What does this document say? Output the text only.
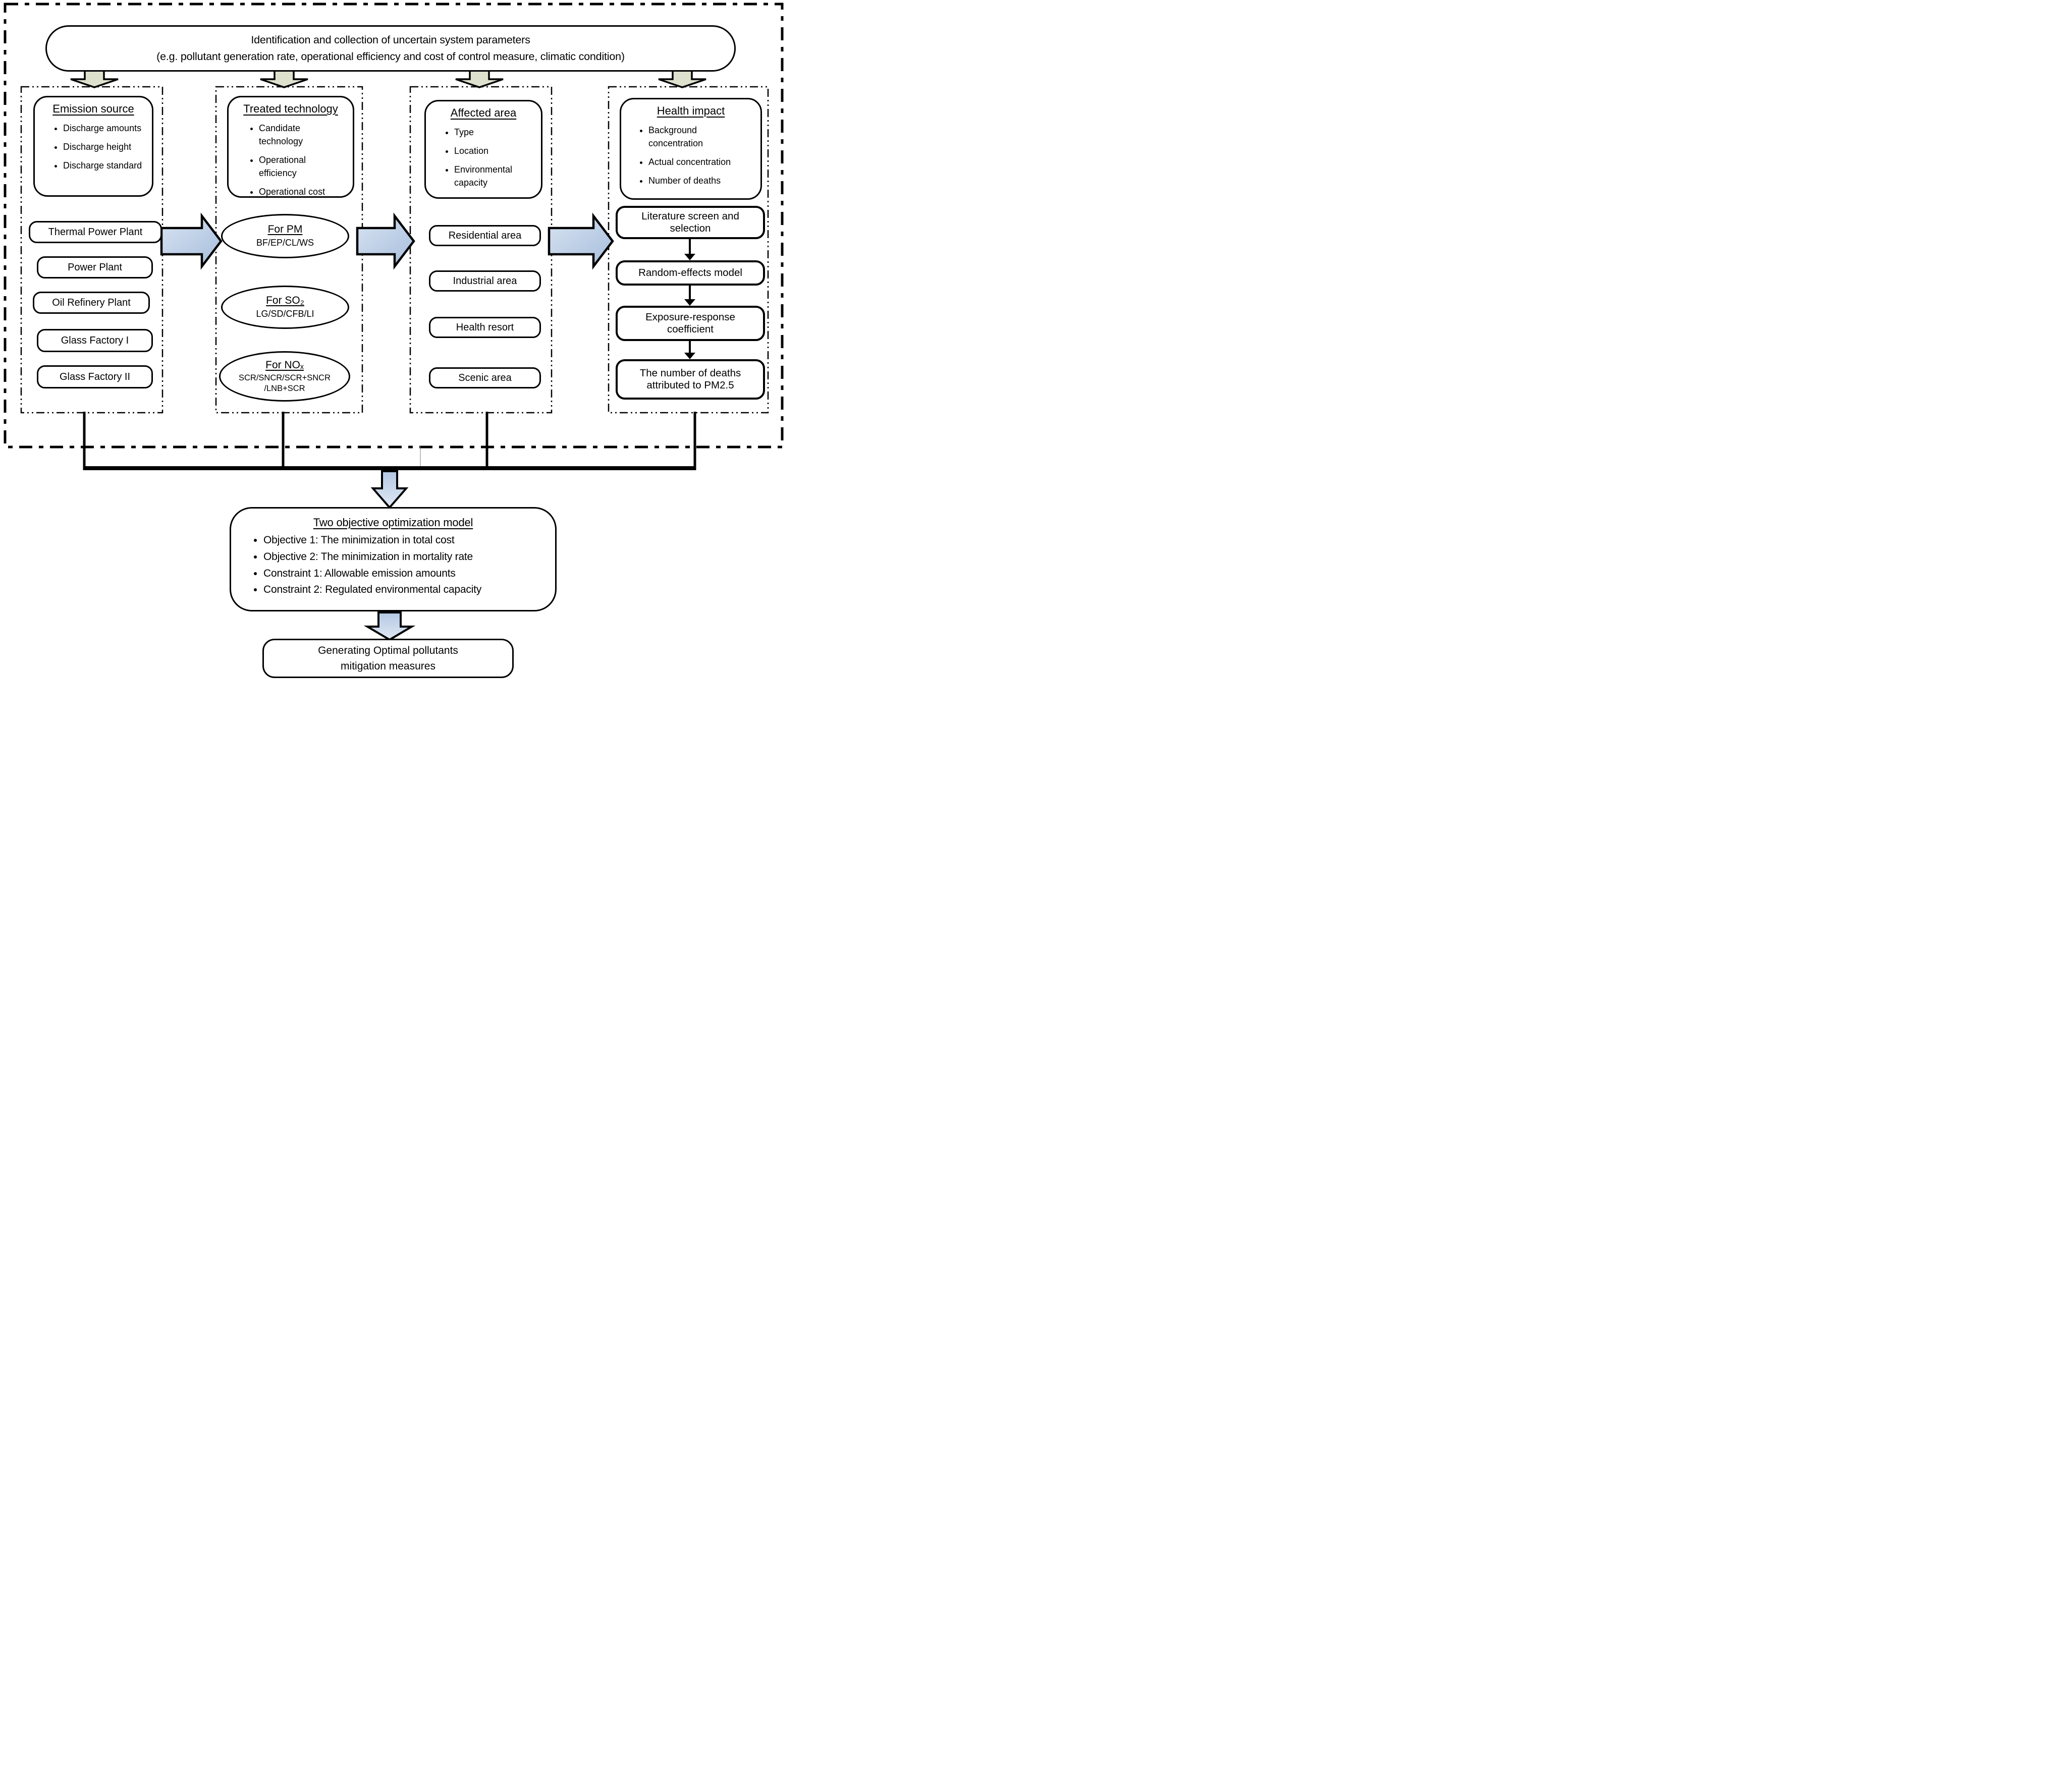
Identification and collection of uncertain system parameters
(e.g. pollutant generation rate, operational efficiency and cost of control measure, climatic condition)
Emission source
• Discharge amounts
• Discharge height
• Discharge standard
Thermal Power Plant
Power Plant
Oil Refinery Plant
Glass Factory I
Glass Factory II
Treated technology
• Candidate technology
• Operational efficiency
• Operational cost
For PM
BF/EP/CL/WS
For SO₂
LG/SD/CFB/LI
For NOₓ
SCR/SNCR/SCR+SNCR
/LNB+SCR
Affected area
• Type
• Location
• Environmental capacity
Residential area
Industrial area
Health resort
Scenic area
Health impact
• Background concentration
• Actual concentration
• Number of deaths
Literature screen and selection
Random-effects model
Exposure-response coefficient
The number of deaths attributed to PM2.5
Two objective optimization model
• Objective 1: The minimization in total cost
• Objective 2: The minimization in mortality rate
• Constraint 1: Allowable emission amounts
• Constraint 2: Regulated environmental capacity
Generating Optimal pollutants
mitigation measures
